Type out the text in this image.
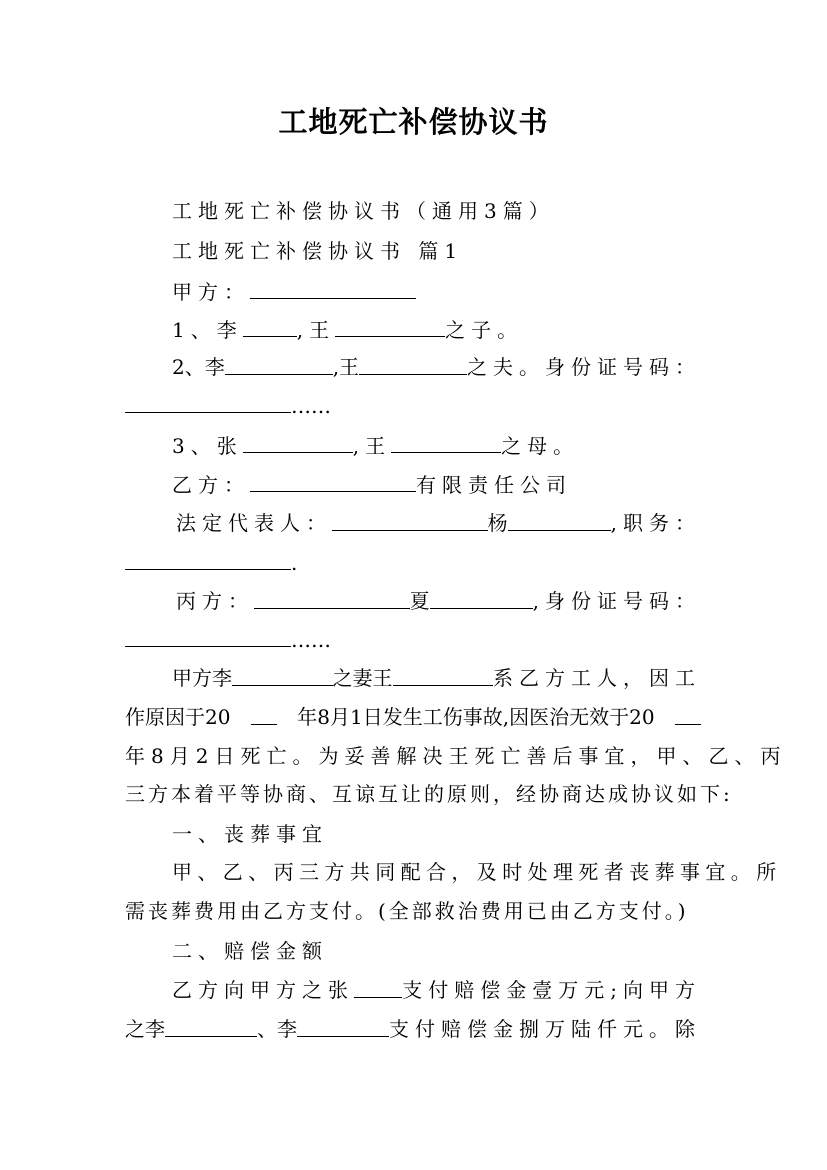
工地死亡补偿协议书
工地死亡补偿协议书（通用3篇）
工地死亡补偿协议书 篇1
甲方：
1、李	,王	之子。
2、李	,王	之夫。身份证号码：
……
3、张	,王	之母。
乙方：	有限责任公司
法定代表人：	杨	,职务：
.
丙方：	夏	,身份证号码：
……
甲方李	之妻王	系乙方工人，因工
作原因于20	年8月1日发生工伤事故,因医治无效于20
年8月2日死亡。为妥善解决王死亡善后事宜，甲、乙、丙
三方本着平等协商、互谅互让的原则，经协商达成协议如下:
一、丧葬事宜
甲、乙、丙三方共同配合，及时处理死者丧葬事宜。所
需丧葬费用由乙方支付。(全部救治费用已由乙方支付。)
二、赔偿金额
乙方向甲方之张 支付赔偿金壹万元;向甲方
之李	、李	支付赔偿金捌万陆仟元。除
